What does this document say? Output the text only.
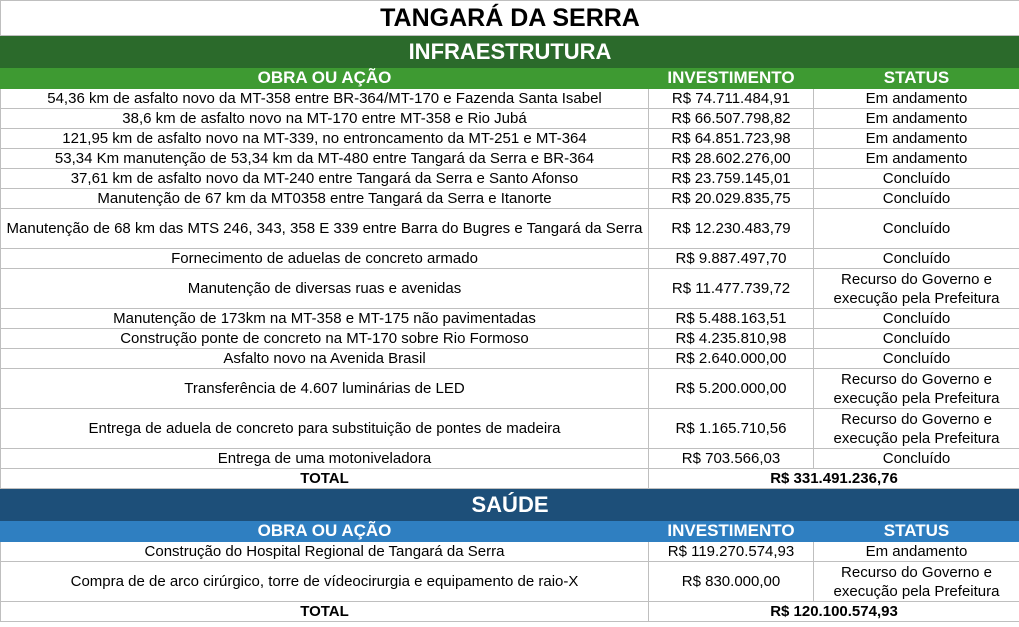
TANGARÁ DA SERRA		
INFRAESTRUTURA		
OBRA OU AÇÃO	INVESTIMENTO	STATUS
54,36 km de asfalto novo da MT-358 entre BR-364/MT-170 e Fazenda Santa Isabel	R$ 74.711.484,91	Em andamento
38,6 km de asfalto novo na MT-170 entre MT-358 e Rio Jubá	R$ 66.507.798,82	Em andamento
121,95 km de asfalto novo na MT-339, no entroncamento da MT-251 e MT-364	R$ 64.851.723,98	Em andamento
53,34 Km manutenção de 53,34 km da MT-480 entre Tangará da Serra e BR-364	R$ 28.602.276,00	Em andamento
37,61 km de asfalto novo da MT-240 entre Tangará da Serra e Santo Afonso	R$ 23.759.145,01	Concluído
Manutenção de 67 km da MT0358 entre Tangará da Serra e Itanorte	R$ 20.029.835,75	Concluído
Manutenção de 68 km das MTS 246, 343, 358 E 339 entre Barra do Bugres e Tangará da Serra	R$ 12.230.483,79	Concluído
Fornecimento de aduelas de concreto armado	R$ 9.887.497,70	Concluído
Manutenção de diversas ruas e avenidas	R$ 11.477.739,72	Recurso do Governo e execução pela Prefeitura
Manutenção de 173km na MT-358 e MT-175 não pavimentadas	R$ 5.488.163,51	Concluído
Construção ponte de concreto na MT-170 sobre Rio Formoso	R$ 4.235.810,98	Concluído
Asfalto novo na Avenida Brasil	R$ 2.640.000,00	Concluído
Transferência de 4.607 luminárias de LED	R$ 5.200.000,00	Recurso do Governo e execução pela Prefeitura
Entrega de aduela de concreto para substituição de pontes de madeira	R$ 1.165.710,56	Recurso do Governo e execução pela Prefeitura
Entrega de uma motoniveladora	R$ 703.566,03	Concluído
TOTAL	R$ 331.491.236,76	
SAÚDE		
OBRA OU AÇÃO	INVESTIMENTO	STATUS
Construção do Hospital Regional de Tangará da Serra	R$ 119.270.574,93	Em andamento
Compra de de arco cirúrgico, torre de vídeocirurgia e equipamento de raio-X	R$ 830.000,00	Recurso do Governo e execução pela Prefeitura
TOTAL	R$ 120.100.574,93	
